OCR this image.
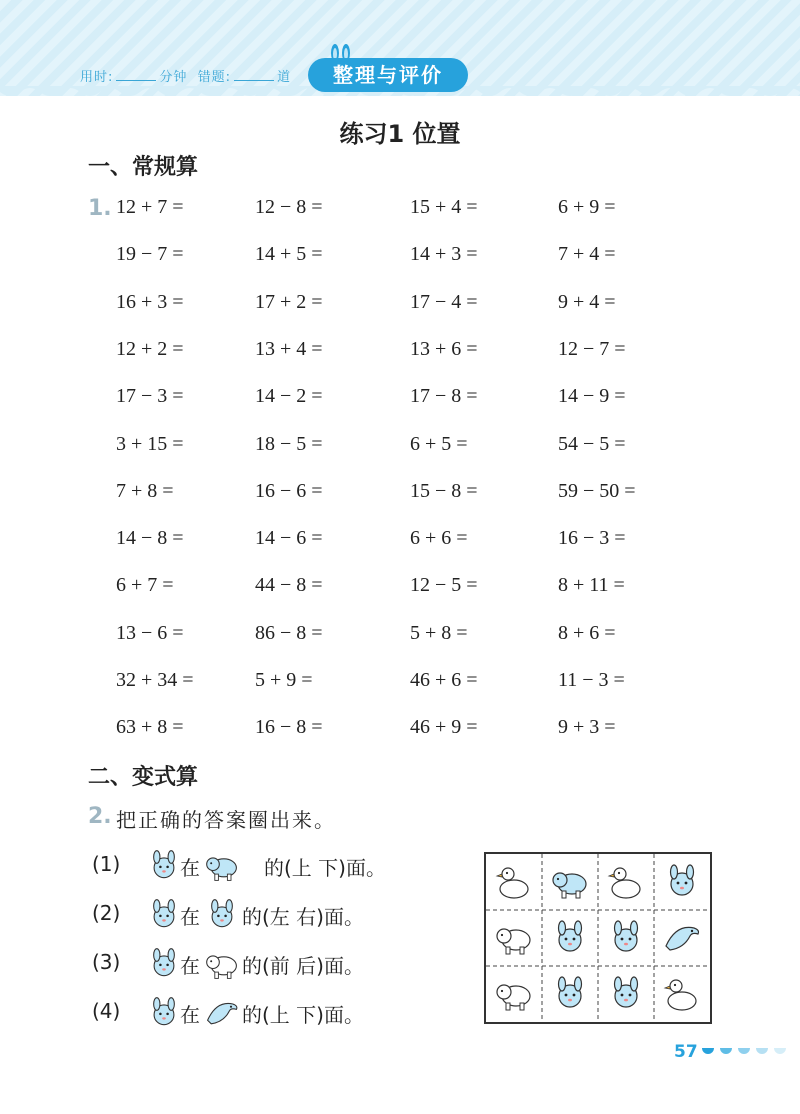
用时:	分钟 错题:	道	整理与评价
练习1 位置
一、常规算
1. 12 + 7 =	12 − 8 =	15 + 4 =	6 + 9 =
19 − 7 =	14 + 5 =	14 + 3 =	7 + 4 =
16 + 3 =	17 + 2 =	17 − 4 =	9 + 4 =
12 + 2 =	13 + 4 =	13 + 6 =	12 − 7 =
17 − 3 =	14 − 2 =	17 − 8 =	14 − 9 =
3 + 15 =	18 − 5 =	6 + 5 =	54 − 5 =
7 + 8 =	16 − 6 =	15 − 8 =	59 − 50 =
14 − 8 =	14 − 6 =	6 + 6 =	16 − 3 =
6 + 7 =	44 − 8 =	12 − 5 =	8 + 11 =
13 − 6 =	86 − 8 =	5 + 8 =	8 + 6 =
32 + 34 =	5 + 9 =	46 + 6 =	11 − 3 =
63 + 8 =	16 − 8 =	46 + 9 =	9 + 3 =
二、变式算
2. 把正确的答案圈出来。
(1)	在	的(上 下)面。
(2)	在 的(左 右)面。
(3)	在 的(前 后)面。
(4)	在 的(上 下)面。
57
